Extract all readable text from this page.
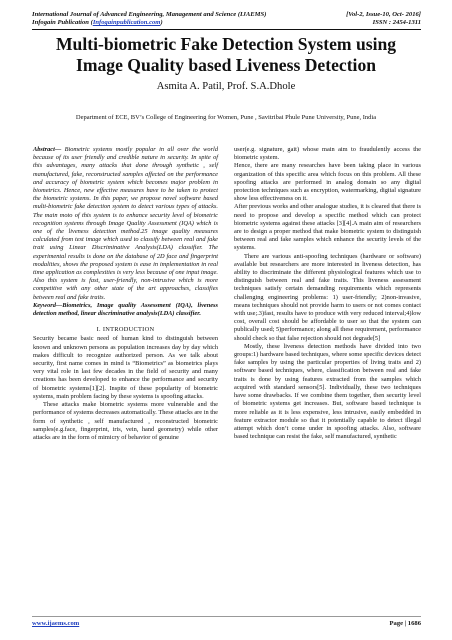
International Journal of Advanced Engineering, Management and Science (IJAEMS)	[Vol-2, Issue-10, Oct- 2016]
Infogain Publication (Infogainpublication.com)	ISSN : 2454-1311
Multi-biometric Fake Detection System using
Image Quality based Liveness Detection
Asmita A. Patil, Prof. S.A.Dhole
Department of ECE, BV’s College of Engineering for Women, Pune , Savitribai Phule Pune University, Pune, India

Abstract— Biometric systems mostly popular in all over the world because of its user friendly and credible nature in security. In spite of this advantages, many attacks that done through synthetic , self manufactured, fake, reconstructed samples affected on the performance and accuracy of biometric system which becomes major problem in biometrics. Hence, new effective measures have to be taken to protect the biometric systems. In this paper, we propose novel software based multi-biometric fake detection system to detect various types of attacks. The main moto of this system is to enhance security level of biometric recognition systems through Image Quality Assessment (IQA) which is one of the liveness detection method.25 image quality measures calculated from test image which used to classify between real and fake trait using Linear Discriminative Analysis(LDA) classifier. The experimental results is done on the database of 2D face and fingerprint modalities, shows the proposed system is ease in implementation in real time application as complexities is very less because of one input image. Also this system is fast, user-friendly, non-intrusive which is more competitive with any other state of the art approaches, classifies between real and fake traits.

Keyword—Biometrics, Image quality Assessment (IQA), liveness detection method, linear discriminative analysis(LDA) classifier.

I. INTRODUCTION

Security became basic need of human kind to distinguish between known and unknown persons as population increases day by day which makes difficult to recognize authorized person. As we talk about security, first name comes in mind is “Biometrics” as biometrics plays very vital role in last few decades in the field of security and many creations has been developed to enhance the performance and security of biometric systems[1][2]. Inspite of these popularity of biometric systems, main problem facing by these systems is spoofing attacks.

These attacks make biometric systems more vulnerable and the performance of systems decreases automatically. These attacks are in the form of synthetic , self manufactured , reconstructed biometric samples(e.g.face, fingerprint, iris, vein, hand geometry) while other attacks are in the form of mimicry of behavior of genuine

user(e.g. signature, gait) whose main aim to fraudulently access the biometric system.

Hence, there are many researches have been taking place in various organization of this specific area which focus on this problem. All these spoofing attacks are performed in analog domain so any digital protection techniques such as encryption, watermarking, digital signature show less effectiveness on it.

After previous works and other analogue studies, it is cleared that there is need to propose and develop a specific method which can protect biometric systems against these attacks [3][4].A main aim of researchers are to design a proper method that make biometric system to distinguish between real and fake samples which enhance the security levels of the systems.

There are various anti-spoofing techniques (hardware or software) available but researchers are more interested in liveness detection, has ability to discriminate the different physiological features which use to distinguish between real and fake traits. This liveness assessment techniques satisfy certain demanding requirements which represents challenging engineering problems: 1) user-friendly; 2)non-invasive, means techniques should not provide harm to users or not comes contact with use;.3)fast, results have to produce with very reduced interval;4)low cost, overall cost should be affordable to user so that the system can publically used; 5)performance; along all these requirement, performance should check so that false rejection should not degrade[5]

Mostly, these liveness detection methods have divided into two groups:1) hardware based techniques, where some specific devices detect fake samples by using the particular properties of living traits and 2) software based techniques, where, classification between real and fake traits is done by using features extracted from the samples which acquired with standard sensors[5]. Individually, these two techniques have some drawbacks. If we combine them together, then security level of biometric systems get increases. But, software based technique is more reliable as it is less expensive, less intrusive, easily embedded in feature extractor module so that it potentially capable to detect illegal attempt which don’t come under in spoofing attacks. Also, software based technique can resist the fake, self manufactured, synthetic

www.ijaems.com	Page | 1686
